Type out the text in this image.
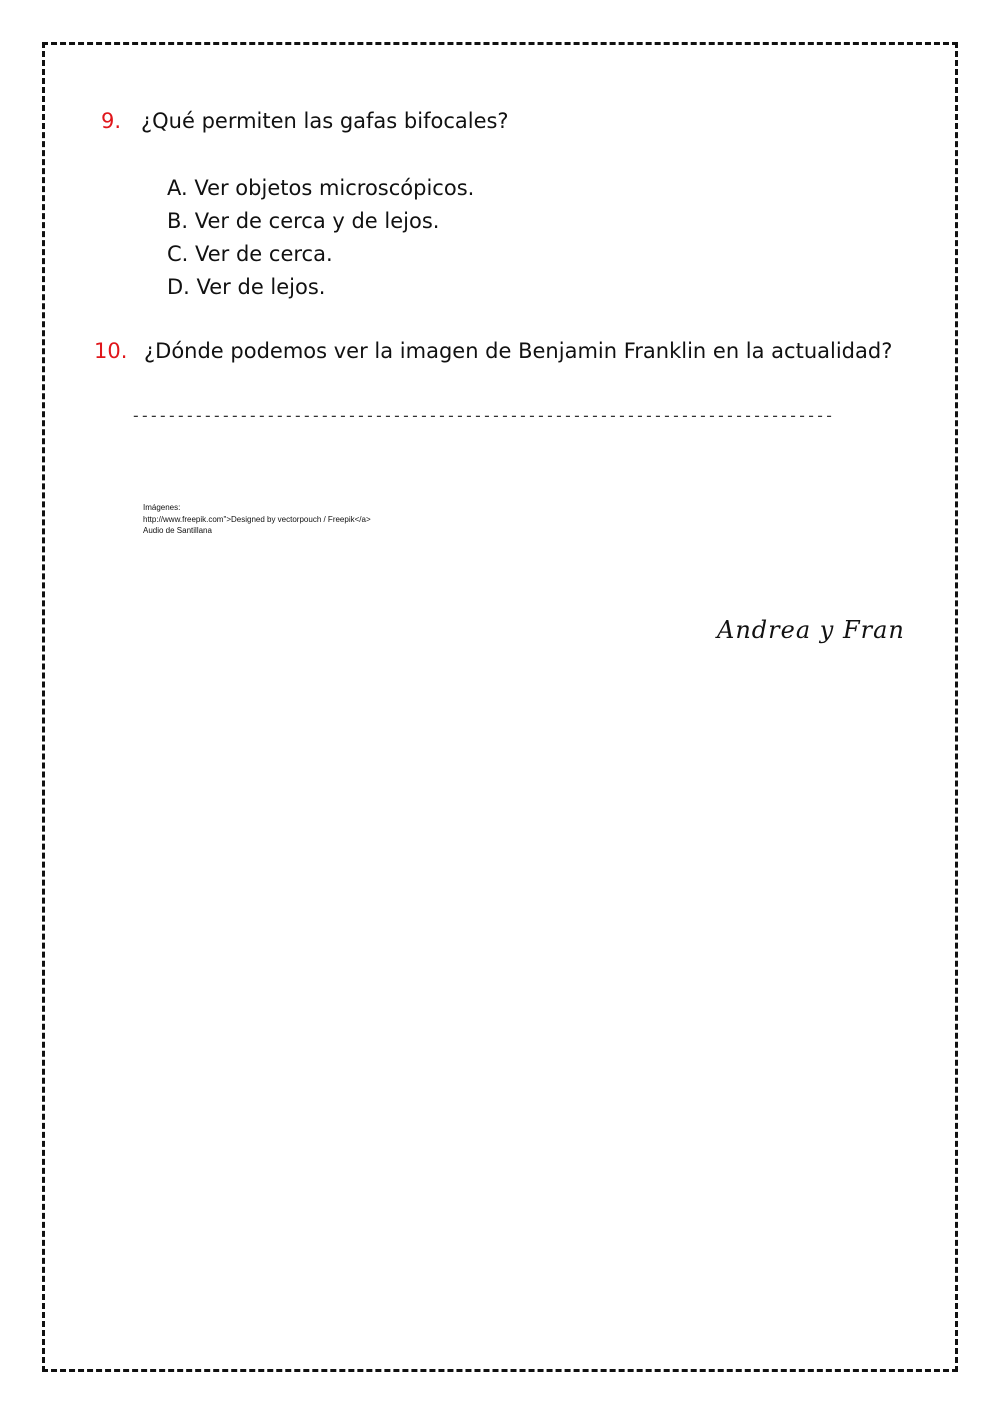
9. ¿Qué permiten las gafas bifocales?
A. Ver objetos microscópicos.
B. Ver de cerca y de lejos.
C. Ver de cerca.
D. Ver de lejos.
10. ¿Dónde podemos ver la imagen de Benjamin Franklin en la actualidad?
------------------------------------------------------------------------------
Imágenes:
http://www.freepik.com">Designed by vectorpouch / Freepik</a>
Audio de Santillana
Andrea y Fran
